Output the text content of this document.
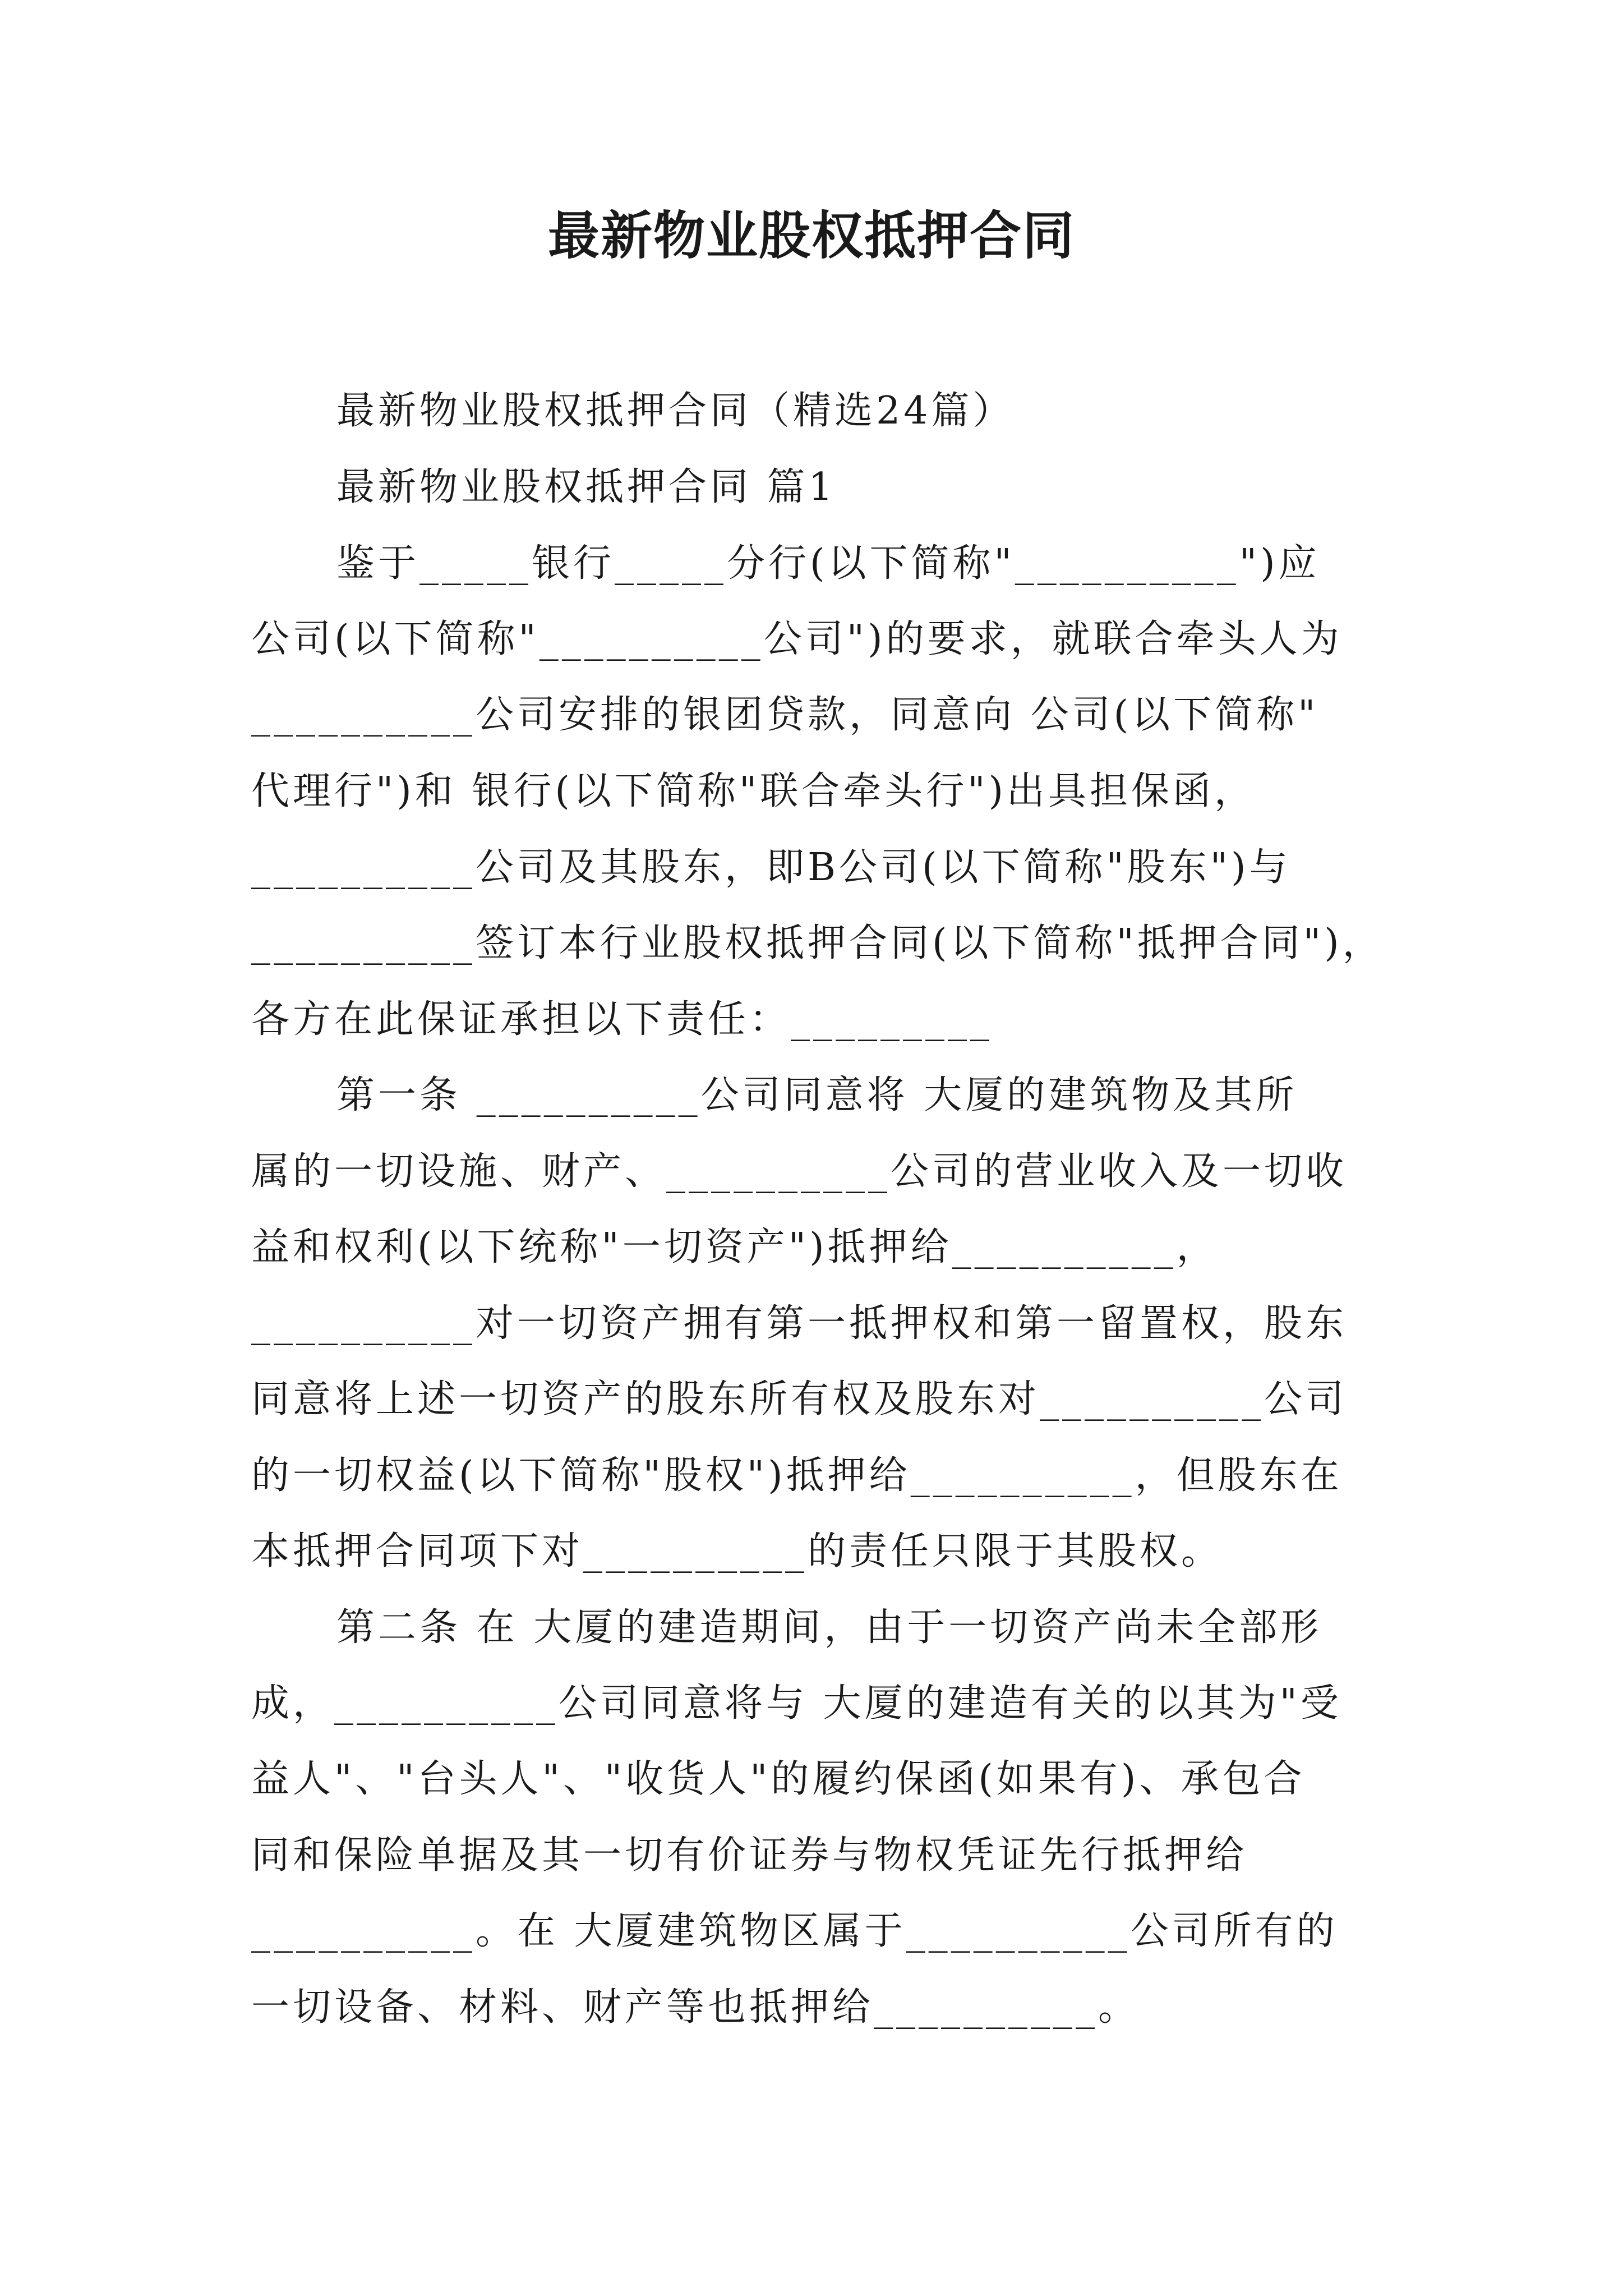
最新物业股权抵押合同
最新物业股权抵押合同（精选24篇）
最新物业股权抵押合同 篇1
鉴于_____银行_____分行(以下简称"__________")应
公司(以下简称"__________公司")的要求，就联合牵头人为
__________公司安排的银团贷款，同意向 公司(以下简称"
代理行")和 银行(以下简称"联合牵头行")出具担保函，
__________公司及其股东，即B公司(以下简称"股东")与
__________签订本行业股权抵押合同(以下简称"抵押合同")，
各方在此保证承担以下责任：_________
第一条 __________公司同意将 大厦的建筑物及其所
属的一切设施、财产、__________公司的营业收入及一切收
益和权利(以下统称"一切资产")抵押给__________，
__________对一切资产拥有第一抵押权和第一留置权，股东
同意将上述一切资产的股东所有权及股东对__________公司
的一切权益(以下简称"股权")抵押给__________，但股东在
本抵押合同项下对__________的责任只限于其股权。
第二条 在 大厦的建造期间，由于一切资产尚未全部形
成，__________公司同意将与 大厦的建造有关的以其为"受
益人"、"台头人"、"收货人"的履约保函(如果有)、承包合
同和保险单据及其一切有价证券与物权凭证先行抵押给
__________。在 大厦建筑物区属于__________公司所有的
一切设备、材料、财产等也抵押给__________。
